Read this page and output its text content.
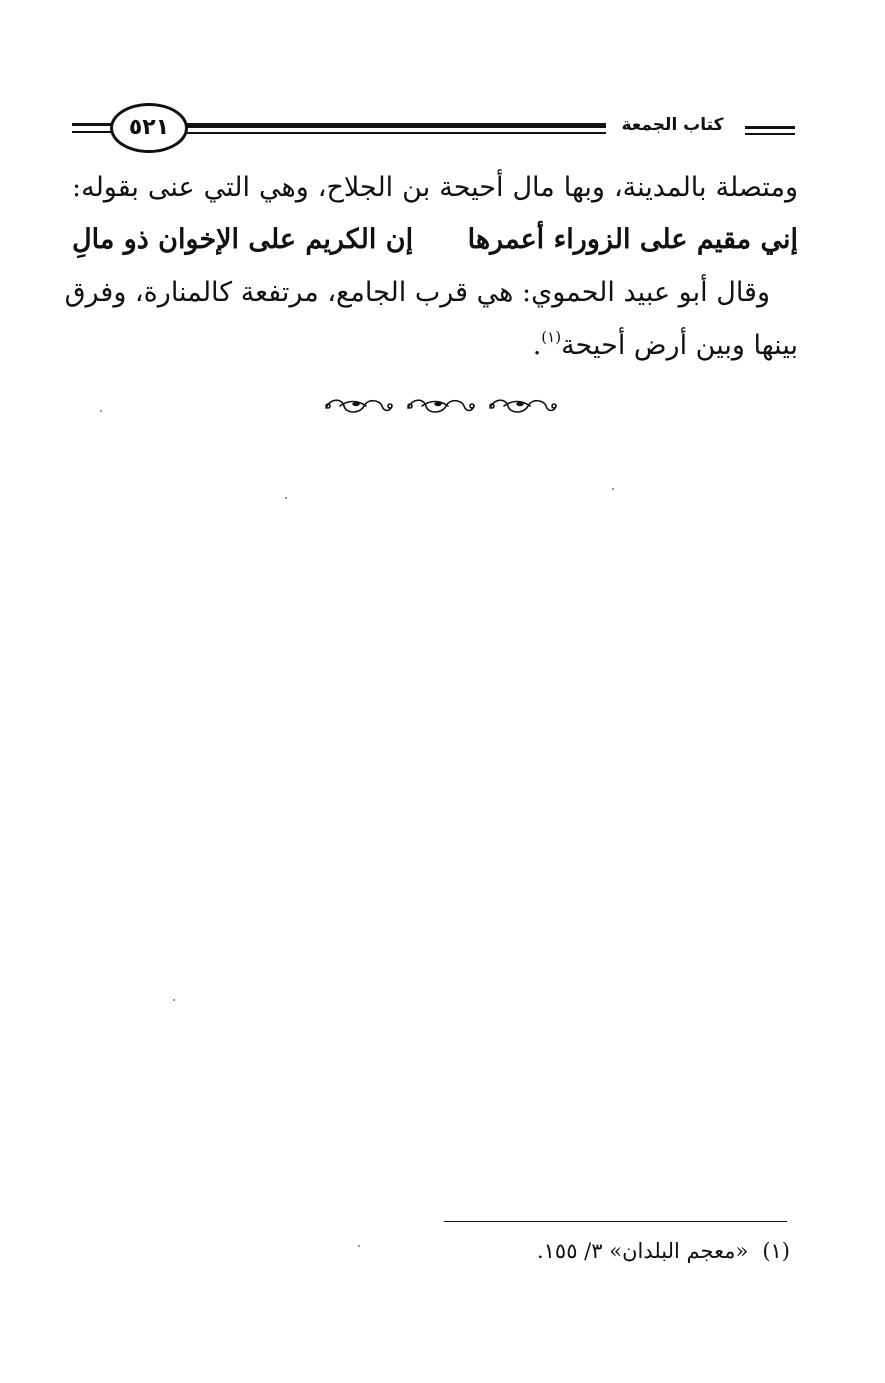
٥٢١	كتاب الجمعة
ومتصلة بالمدينة، وبها مال أحيحة بن الجلاح، وهي التي عنى بقوله:
إني مقيم على الزوراء أعمرها
إن الكريم على الإخوان ذو مالِ
وقال أبو عبيد الحموي: هي قرب الجامع، مرتفعة كالمنارة، وفرق
بينها وبين أرض أحيحة$^{(١)}$.
(١)«معجم البلدان» ٣/ ١٥٥.
